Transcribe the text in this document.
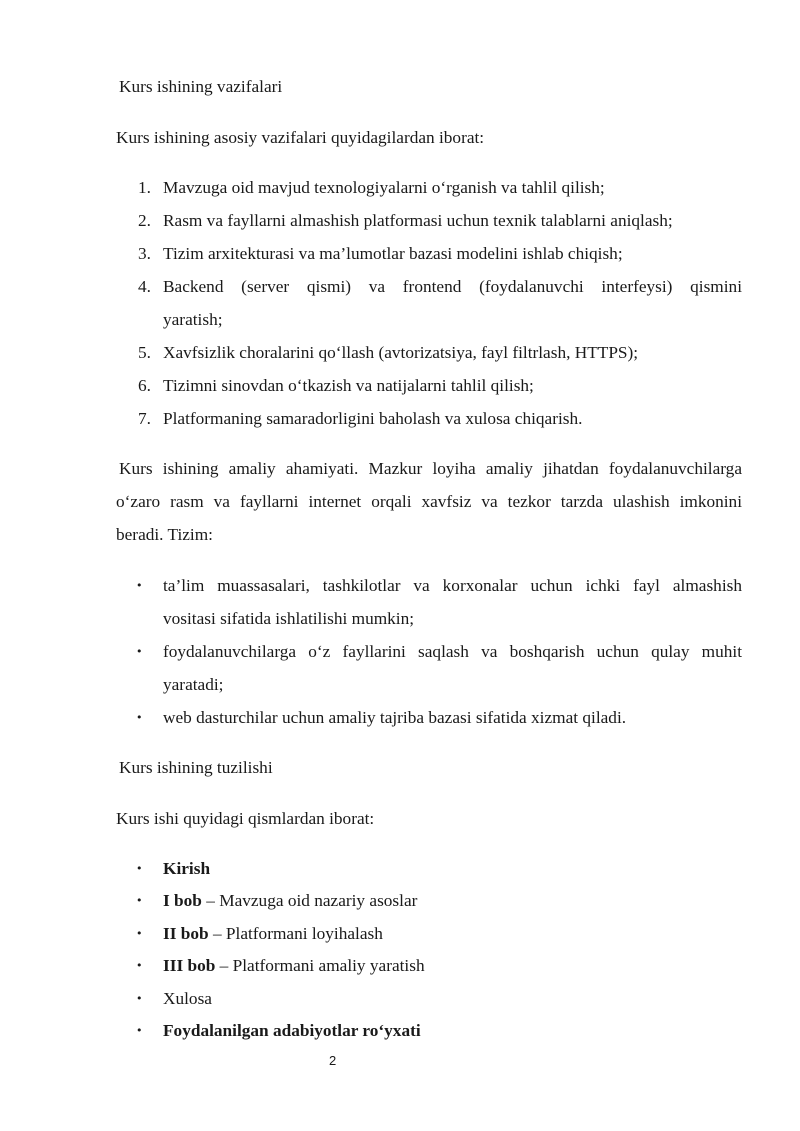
Kurs ishining vazifalari
Kurs ishining asosiy vazifalari quyidagilardan iborat:
1. Mavzuga oid mavjud texnologiyalarni o‘rganish va tahlil qilish;
2. Rasm va fayllarni almashish platformasi uchun texnik talablarni aniqlash;
3. Tizim arxitekturasi va ma’lumotlar bazasi modelini ishlab chiqish;
4. Backend (server qismi) va frontend (foydalanuvchi interfeysi) qismini
yaratish;
5. Xavfsizlik choralarini qo‘llash (avtorizatsiya, fayl filtrlash, HTTPS);
6. Tizimni sinovdan o‘tkazish va natijalarni tahlil qilish;
7. Platformaning samaradorligini baholash va xulosa chiqarish.
Kurs ishining amaliy ahamiyati. Mazkur loyiha amaliy jihatdan foydalanuvchilarga
o‘zaro rasm va fayllarni internet orqali xavfsiz va tezkor tarzda ulashish imkonini
beradi. Tizim:
• ta’lim muassasalari, tashkilotlar va korxonalar uchun ichki fayl almashish
vositasi sifatida ishlatilishi mumkin;
• foydalanuvchilarga o‘z fayllarini saqlash va boshqarish uchun qulay muhit
yaratadi;
• web dasturchilar uchun amaliy tajriba bazasi sifatida xizmat qiladi.
Kurs ishining tuzilishi
Kurs ishi quyidagi qismlardan iborat:
Kirish
•
I bob – Mavzuga oid nazariy asoslar
•
II bob – Platformani loyihalash
•
III bob – Platformani amaliy yaratish
•
Xulosa
•
Foydalanilgan adabiyotlar ro‘yxati
•
2
